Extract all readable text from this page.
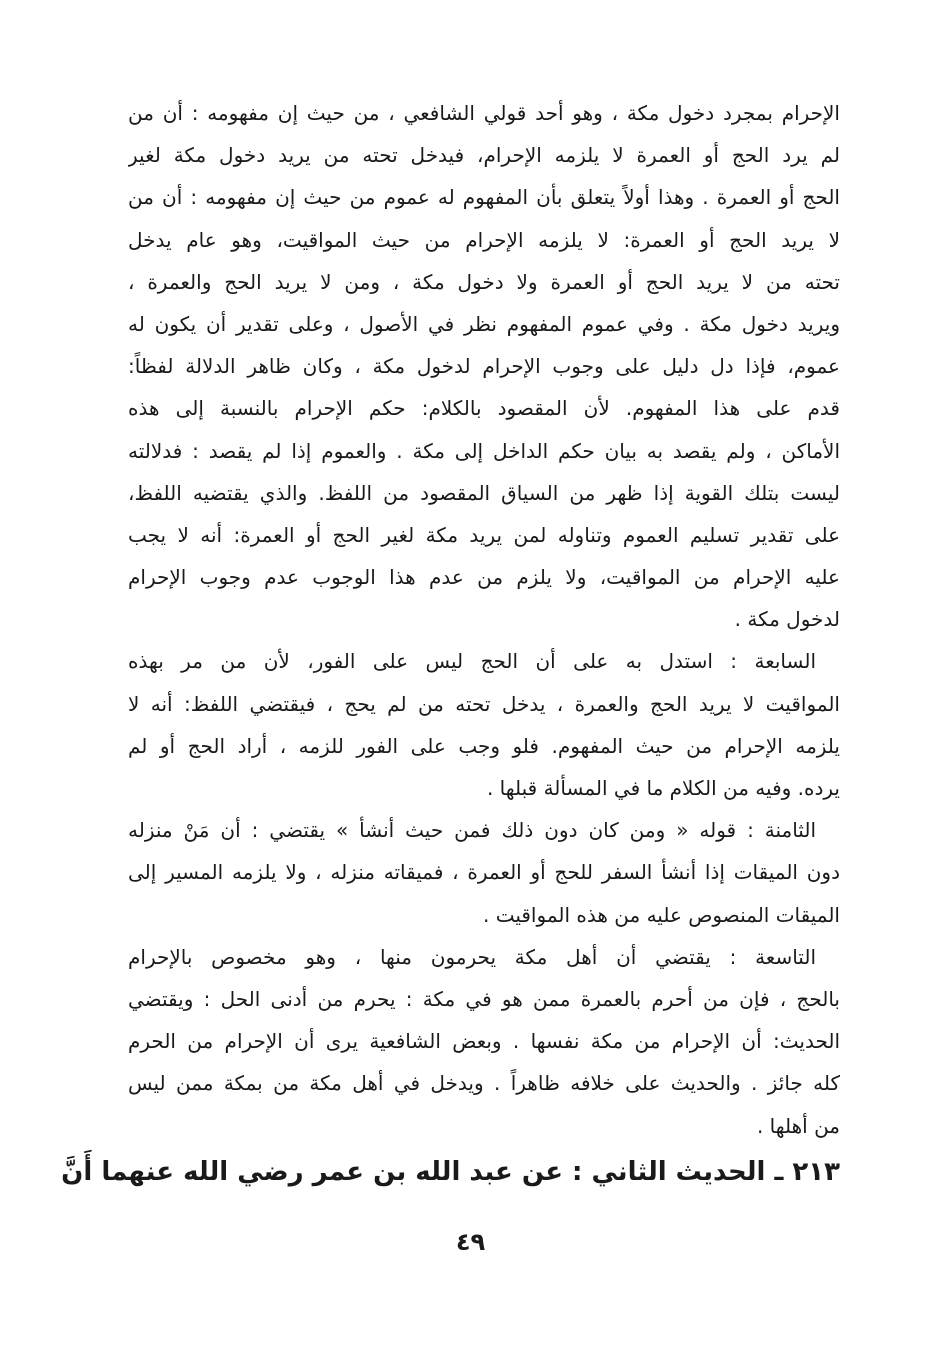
الإحرام بمجرد دخول مكة ، وهو أحد قولي الشافعي ، من حيث إن مفهومه : أن من
لم يرد الحج أو العمرة لا يلزمه الإحرام، فيدخل تحته من يريد دخول مكة لغير
الحج أو العمرة . وهذا أولاً يتعلق بأن المفهوم له عموم من حيث إن مفهومه : أن من
لا يريد الحج أو العمرة: لا يلزمه الإحرام من حيث المواقيت، وهو عام يدخل
تحته من لا يريد الحج أو العمرة ولا دخول مكة ، ومن لا يريد الحج والعمرة ،
ويريد دخول مكة . وفي عموم المفهوم نظر في الأصول ، وعلى تقدير أن يكون له
عموم، فإذا دل دليل على وجوب الإحرام لدخول مكة ، وكان ظاهر الدلالة لفظاً:
قدم على هذا المفهوم. لأن المقصود بالكلام: حكم الإحرام بالنسبة إلى هذه
الأماكن ، ولم يقصد به بيان حكم الداخل إلى مكة . والعموم إذا لم يقصد : فدلالته
ليست بتلك القوية إذا ظهر من السياق المقصود من اللفظ. والذي يقتضيه اللفظ،
على تقدير تسليم العموم وتناوله لمن يريد مكة لغير الحج أو العمرة: أنه لا يجب
عليه الإحرام من المواقيت، ولا يلزم من عدم هذا الوجوب عدم وجوب الإحرام
لدخول مكة .
السابعة : استدل به على أن الحج ليس على الفور، لأن من مر بهذه
المواقيت لا يريد الحج والعمرة ، يدخل تحته من لم يحج ، فيقتضي اللفظ: أنه لا
يلزمه الإحرام من حيث المفهوم. فلو وجب على الفور للزمه ، أراد الحج أو لم
يرده. وفيه من الكلام ما في المسألة قبلها .
الثامنة : قوله « ومن كان دون ذلك فمن حيث أنشأ » يقتضي : أن مَنْ منزله
دون الميقات إذا أنشأ السفر للحج أو العمرة ، فميقاته منزله ، ولا يلزمه المسير إلى
الميقات المنصوص عليه من هذه المواقيت .
التاسعة : يقتضي أن أهل مكة يحرمون منها ، وهو مخصوص بالإحرام
بالحج ، فإن من أحرم بالعمرة ممن هو في مكة : يحرم من أدنى الحل : ويقتضي
الحديث: أن الإحرام من مكة نفسها . وبعض الشافعية يرى أن الإحرام من الحرم
كله جائز . والحديث على خلافه ظاهراً . ويدخل في أهل مكة من بمكة ممن ليس
من أهلها .
٢١٣ ـ الحديث الثاني : عن عبد الله بن عمر رضي الله عنهما أَنَّ
٤٩
